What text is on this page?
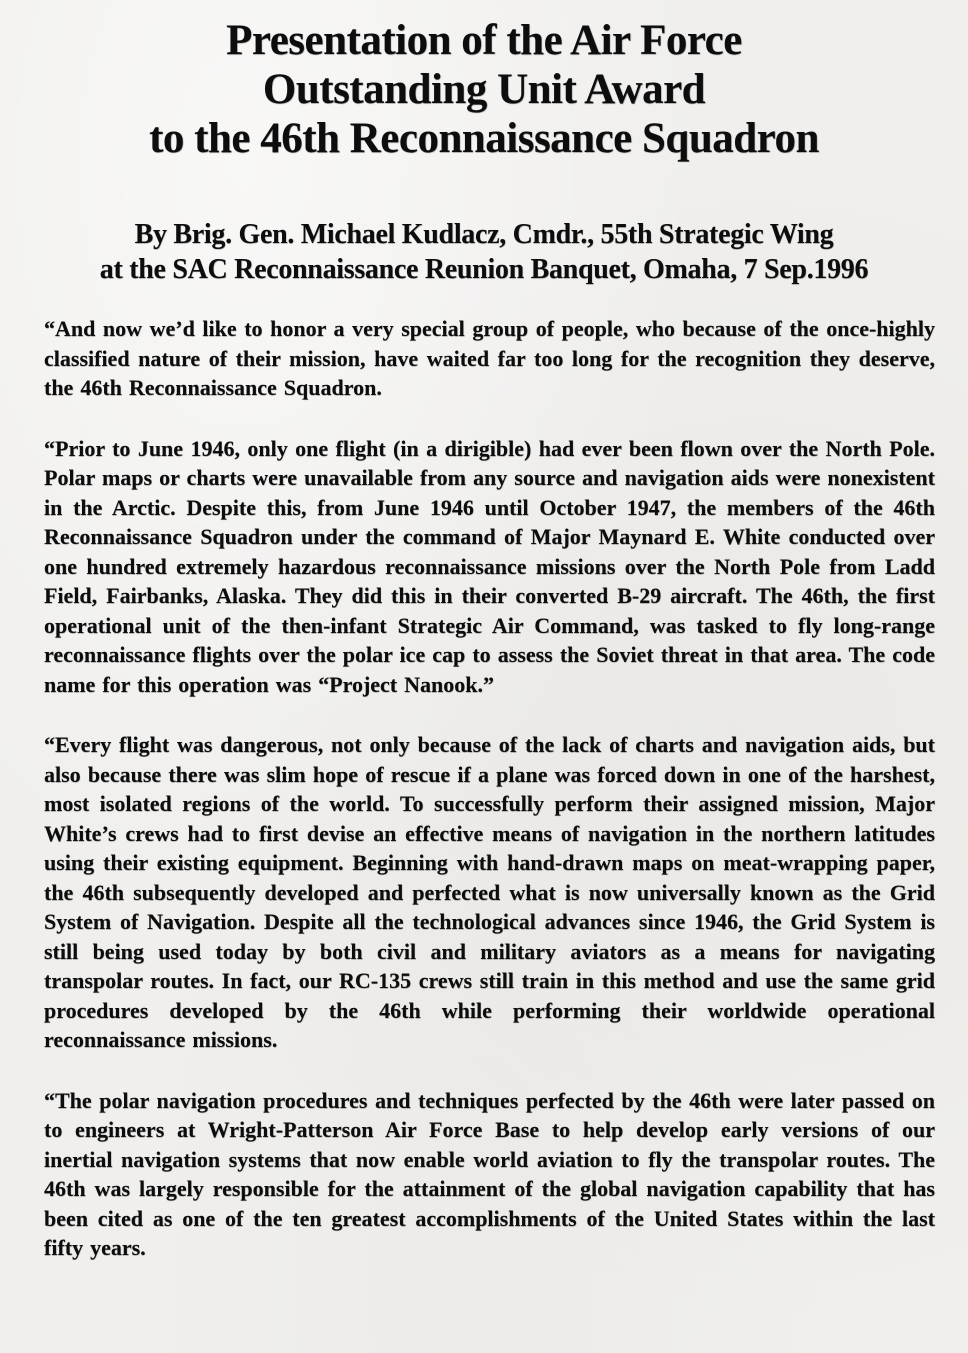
Presentation of the Air Force
Outstanding Unit Award
to the 46th Reconnaissance Squadron
By Brig. Gen. Michael Kudlacz, Cmdr., 55th Strategic Wing
at the SAC Reconnaissance Reunion Banquet, Omaha, 7 Sep.1996

“And now we’d like to honor a very special group of people, who because of the once-highly classified nature of their mission, have waited far too long for the recognition they deserve, the 46th Reconnaissance Squadron.

“Prior to June 1946, only one flight (in a dirigible) had ever been flown over the North Pole. Polar maps or charts were unavailable from any source and navigation aids were nonexistent in the Arctic. Despite this, from June 1946 until October 1947, the members of the 46th Reconnaissance Squadron under the command of Major Maynard E. White conducted over one hundred extremely hazardous reconnaissance missions over the North Pole from Ladd Field, Fairbanks, Alaska. They did this in their converted B-29 aircraft. The 46th, the first operational unit of the then-infant Strategic Air Command, was tasked to fly long-range reconnaissance flights over the polar ice cap to assess the Soviet threat in that area. The code name for this operation was “Project Nanook.”

“Every flight was dangerous, not only because of the lack of charts and navigation aids, but also because there was slim hope of rescue if a plane was forced down in one of the harshest, most isolated regions of the world. To successfully perform their assigned mission, Major White’s crews had to first devise an effective means of navigation in the northern latitudes using their existing equipment. Beginning with hand-drawn maps on meat-wrapping paper, the 46th subsequently developed and perfected what is now universally known as the Grid System of Navigation. Despite all the technological advances since 1946, the Grid System is still being used today by both civil and military aviators as a means for navigating transpolar routes. In fact, our RC-135 crews still train in this method and use the same grid procedures developed by the 46th while performing their worldwide operational reconnaissance missions.

“The polar navigation procedures and techniques perfected by the 46th were later passed on to engineers at Wright-Patterson Air Force Base to help develop early versions of our inertial navigation systems that now enable world aviation to fly the transpolar routes. The 46th was largely responsible for the attainment of the global navigation capability that has been cited as one of the ten greatest accomplishments of the United States within the last fifty years.
